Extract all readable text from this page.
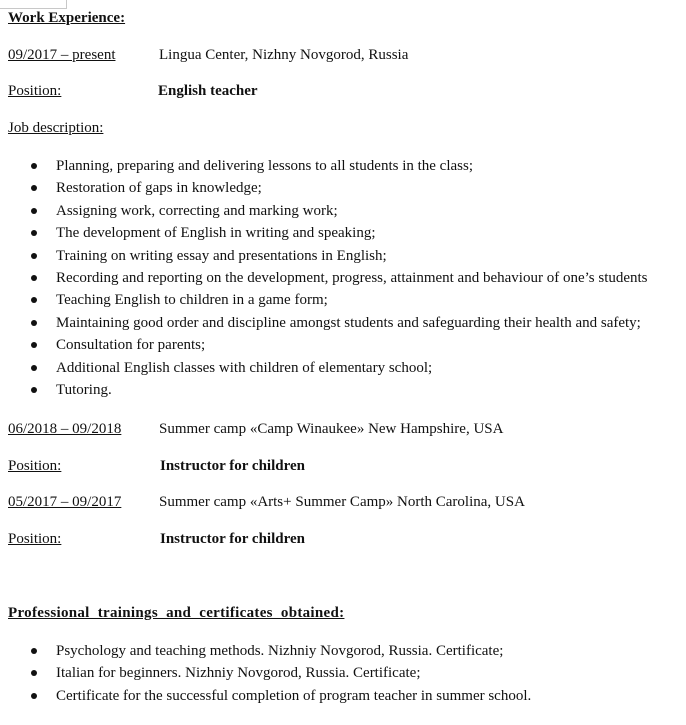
Work Experience:
09/2017 – present	Lingua Center, Nizhny Novgorod, Russia
Position:	English teacher
Job description:
Planning, preparing and delivering lessons to all students in the class;
Restoration of gaps in knowledge;
Assigning work, correcting and marking work;
The development of English in writing and speaking;
Training on writing essay and presentations in English;
Recording and reporting on the development, progress, attainment and behaviour of one’s students
Teaching English to children in a game form;
Maintaining good order and discipline amongst students and safeguarding their health and safety;
Consultation for parents;
Additional English classes with children of elementary school;
Tutoring.
06/2018 – 09/2018	Summer camp «Camp Winaukee» New Hampshire, USA
Position:	Instructor for children
05/2017 – 09/2017	Summer camp «Arts+ Summer Camp» North Carolina, USA
Position:	Instructor for children
Professional  trainings  and  certificates  obtained:
Psychology and teaching methods. Nizhniy Novgorod, Russia. Certificate;
Italian for beginners. Nizhniy Novgorod, Russia. Certificate;
Certificate for the successful completion of program teacher in summer school.
